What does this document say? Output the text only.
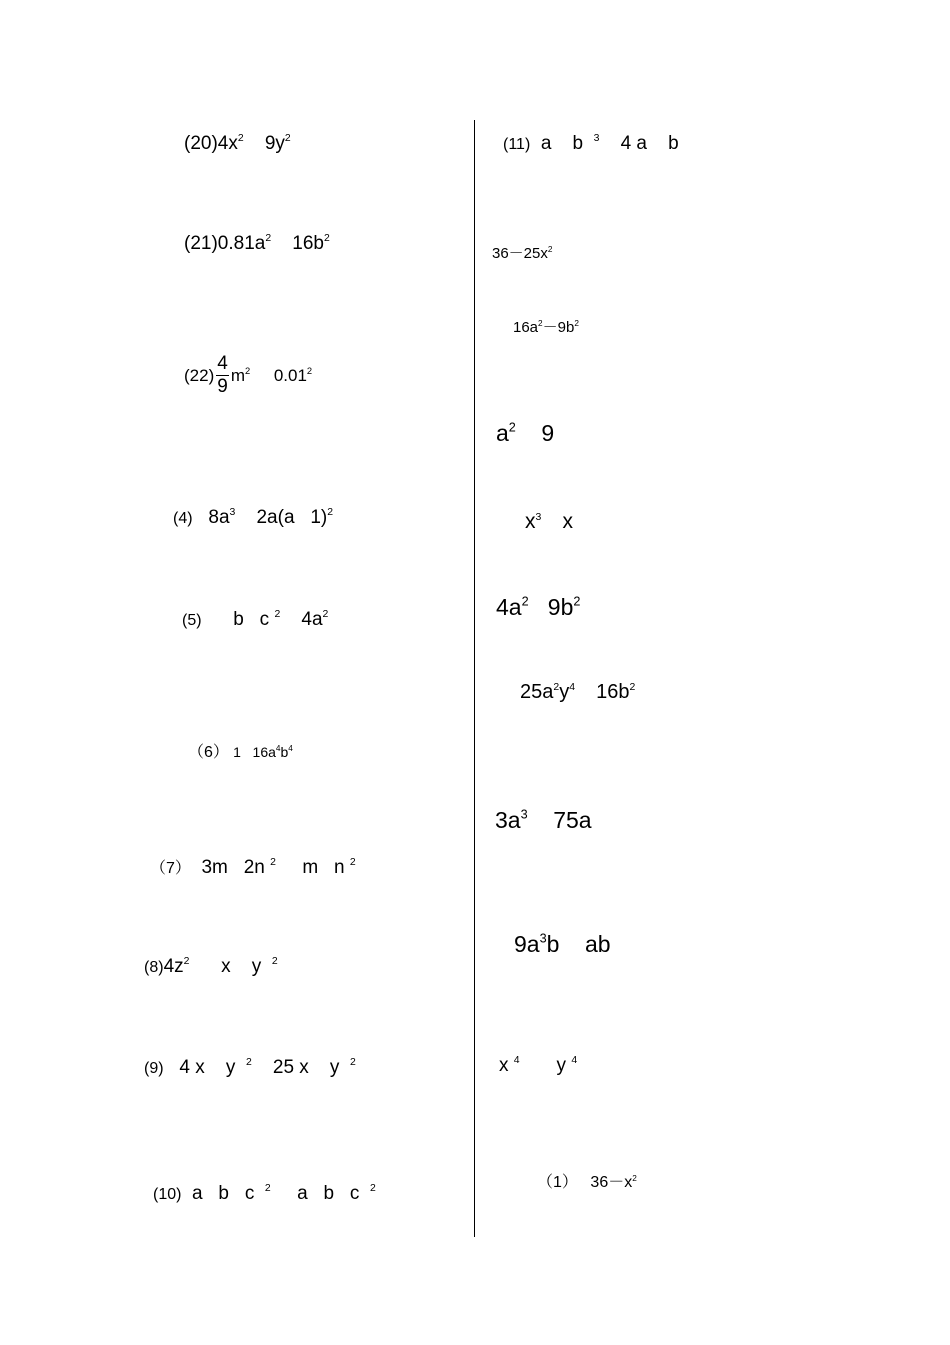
$(20)4x^2$ $9y^2$
$(21)0.81a^2$ $16b^2$
$(22) \frac{4}{9} m^2$ 0.01$^2$
(4) $8a^3$ 2a(a   1)$^2$
(5) b   c $^2$ $4a^2$
（6） 1   $16a^4b^4$
（7） 3m   2n $^2$ m   n $^2$
$(8)4z^2$ x    y $^2$
(9) 4 x    y $^2$ 25 x    y $^2$
(10) a   b   c $^2$ a   b   c $^2$
(11) a    b $^3$ 4 a    b
$36-25x^2$
$16a^2-9b^2$
$a^2$ 9
$x^3$ x
$4a^2$ $9b^2$
$25a^2y^4$ $16b^2$
$3a^3$ 75a
$9a^3b$    ab
x $^4$ y $^4$
（1） $36-x^2$
